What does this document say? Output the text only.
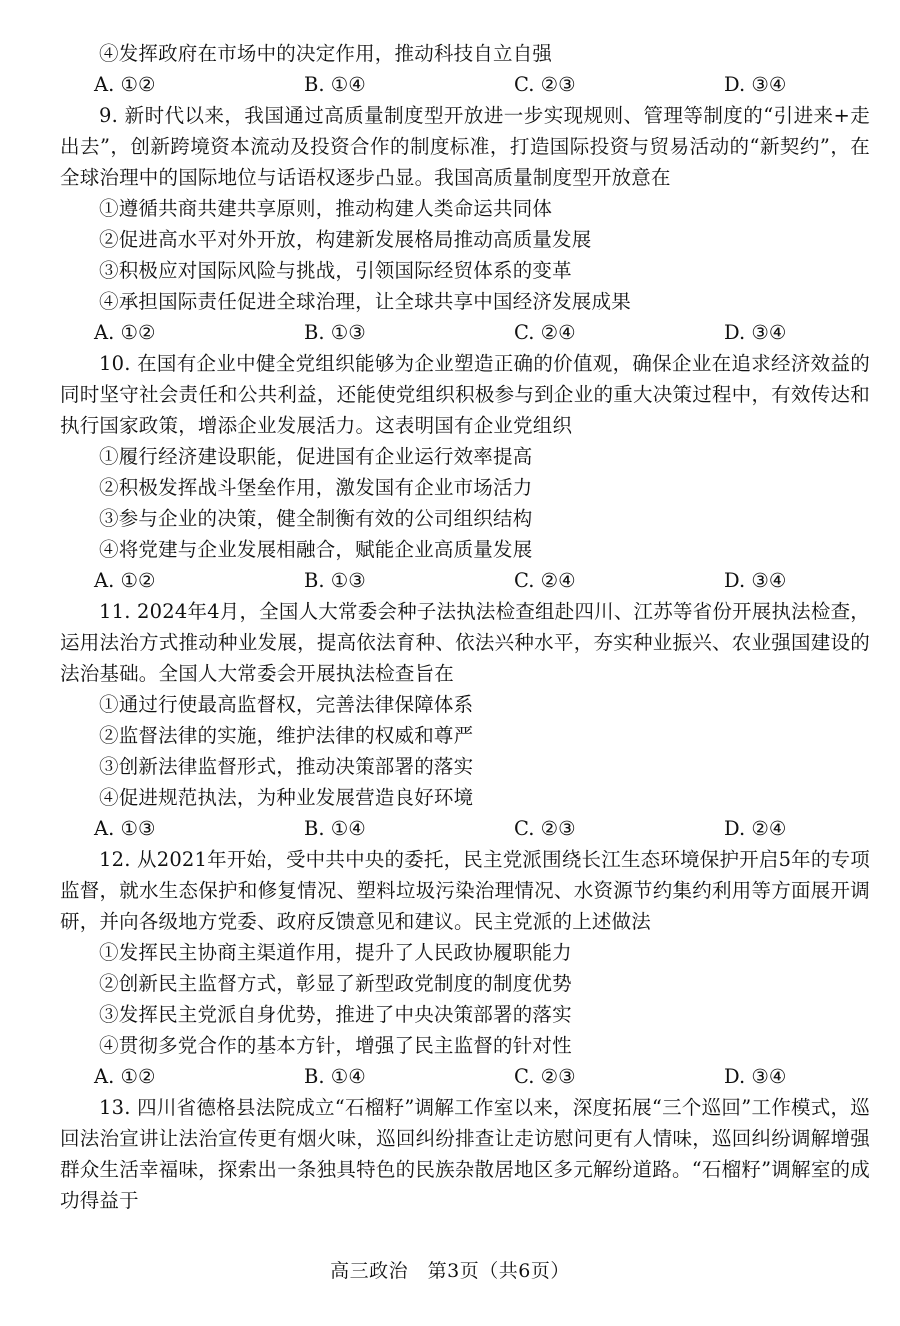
④发挥政府在市场中的决定作用，推动科技自立自强
A. ①②	B. ①④	C. ②③	D. ③④
9. 新时代以来，我国通过高质量制度型开放进一步实现规则、管理等制度的“引进来+走出去”，创新跨境资本流动及投资合作的制度标准，打造国际投资与贸易活动的“新契约”，在全球治理中的国际地位与话语权逐步凸显。我国高质量制度型开放意在
①遵循共商共建共享原则，推动构建人类命运共同体
②促进高水平对外开放，构建新发展格局推动高质量发展
③积极应对国际风险与挑战，引领国际经贸体系的变革
④承担国际责任促进全球治理，让全球共享中国经济发展成果
A. ①②	B. ①③	C. ②④	D. ③④
10. 在国有企业中健全党组织能够为企业塑造正确的价值观，确保企业在追求经济效益的同时坚守社会责任和公共利益，还能使党组织积极参与到企业的重大决策过程中，有效传达和执行国家政策，增添企业发展活力。这表明国有企业党组织
①履行经济建设职能，促进国有企业运行效率提高
②积极发挥战斗堡垒作用，激发国有企业市场活力
③参与企业的决策，健全制衡有效的公司组织结构
④将党建与企业发展相融合，赋能企业高质量发展
A. ①②	B. ①③	C. ②④	D. ③④
11. 2024年4月，全国人大常委会种子法执法检查组赴四川、江苏等省份开展执法检查，运用法治方式推动种业发展，提高依法育种、依法兴种水平，夯实种业振兴、农业强国建设的法治基础。全国人大常委会开展执法检查旨在
①通过行使最高监督权，完善法律保障体系
②监督法律的实施，维护法律的权威和尊严
③创新法律监督形式，推动决策部署的落实
④促进规范执法，为种业发展营造良好环境
A. ①③	B. ①④	C. ②③	D. ②④
12. 从2021年开始，受中共中央的委托，民主党派围绕长江生态环境保护开启5年的专项监督，就水生态保护和修复情况、塑料垃圾污染治理情况、水资源节约集约利用等方面展开调研，并向各级地方党委、政府反馈意见和建议。民主党派的上述做法
①发挥民主协商主渠道作用，提升了人民政协履职能力
②创新民主监督方式，彰显了新型政党制度的制度优势
③发挥民主党派自身优势，推进了中央决策部署的落实
④贯彻多党合作的基本方针，增强了民主监督的针对性
A. ①②	B. ①④	C. ②③	D. ③④
13. 四川省德格县法院成立“石榴籽”调解工作室以来，深度拓展“三个巡回”工作模式，巡回法治宣讲让法治宣传更有烟火味，巡回纠纷排查让走访慰问更有人情味，巡回纠纷调解增强群众生活幸福味，探索出一条独具特色的民族杂散居地区多元解纷道路。“石榴籽”调解室的成功得益于
高三政治　第3页（共6页）
